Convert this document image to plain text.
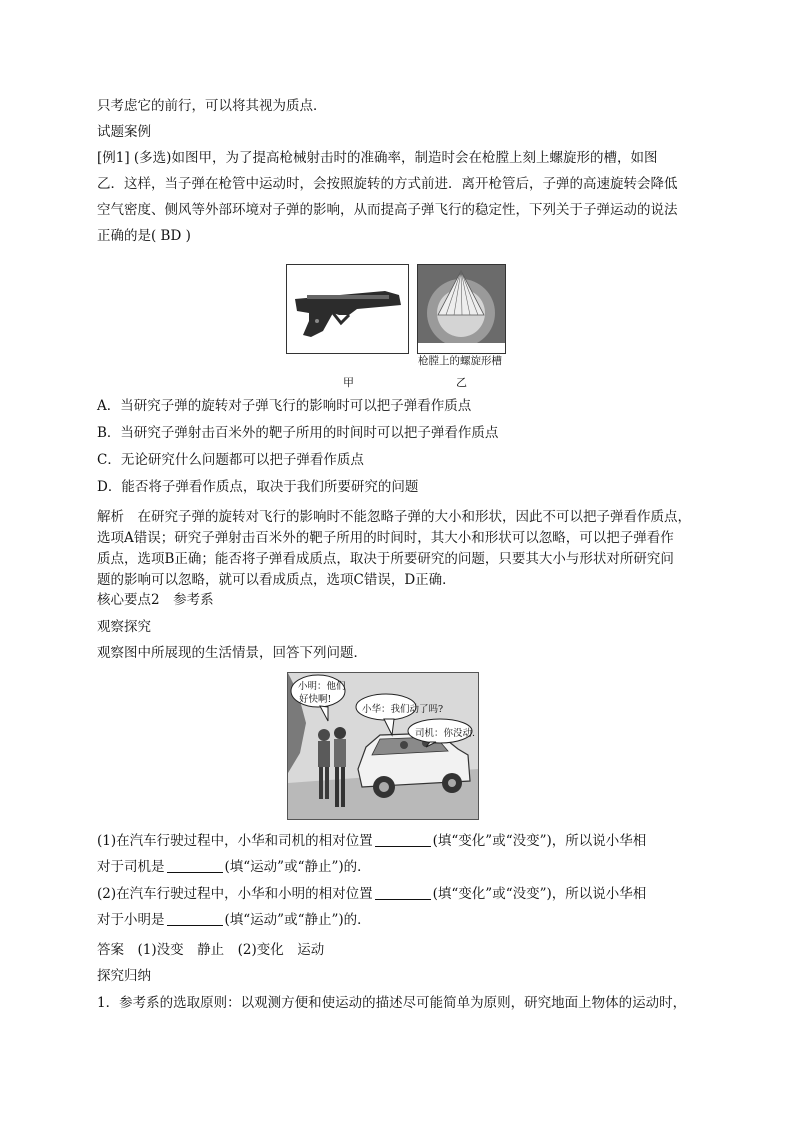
只考虑它的前行，可以将其视为质点．
试题案例
[例1] (多选)如图甲，为了提高枪械射击时的准确率，制造时会在枪膛上刻上螺旋形的槽，如图
乙．这样，当子弹在枪管中运动时，会按照旋转的方式前进．离开枪管后，子弹的高速旋转会降低
空气密度、侧风等外部环境对子弹的影响，从而提高子弹飞行的稳定性，下列关于子弹运动的说法
正确的是( BD )
枪膛上的螺旋形槽
甲	乙
A．当研究子弹的旋转对子弹飞行的影响时可以把子弹看作质点
B．当研究子弹射击百米外的靶子所用的时间时可以把子弹看作质点
C．无论研究什么问题都可以把子弹看作质点
D．能否将子弹看作质点，取决于我们所要研究的问题
解析　在研究子弹的旋转对飞行的影响时不能忽略子弹的大小和形状，因此不可以把子弹看作质点，
选项A错误；研究子弹射击百米外的靶子所用的时间时，其大小和形状可以忽略，可以把子弹看作
质点，选项B正确；能否将子弹看成质点，取决于所要研究的问题，只要其大小与形状对所研究问
题的影响可以忽略，就可以看成质点，选项C错误，D正确．
核心要点2　参考系
观察探究
观察图中所展现的生活情景，回答下列问题．
小明：他们
好快啊!
小华：我们动了吗?
司机：你没动.
(1)在汽车行驶过程中，小华和司机的相对位置	(填“变化”或“没变”)，所以说小华相
对于司机是	(填“运动”或“静止”)的．
(2)在汽车行驶过程中，小华和小明的相对位置	(填“变化”或“没变”)，所以说小华相
对于小明是	(填“运动”或“静止”)的．
答案　(1)没变　静止　(2)变化　运动
探究归纳
1．参考系的选取原则：以观测方便和使运动的描述尽可能简单为原则，研究地面上物体的运动时，
